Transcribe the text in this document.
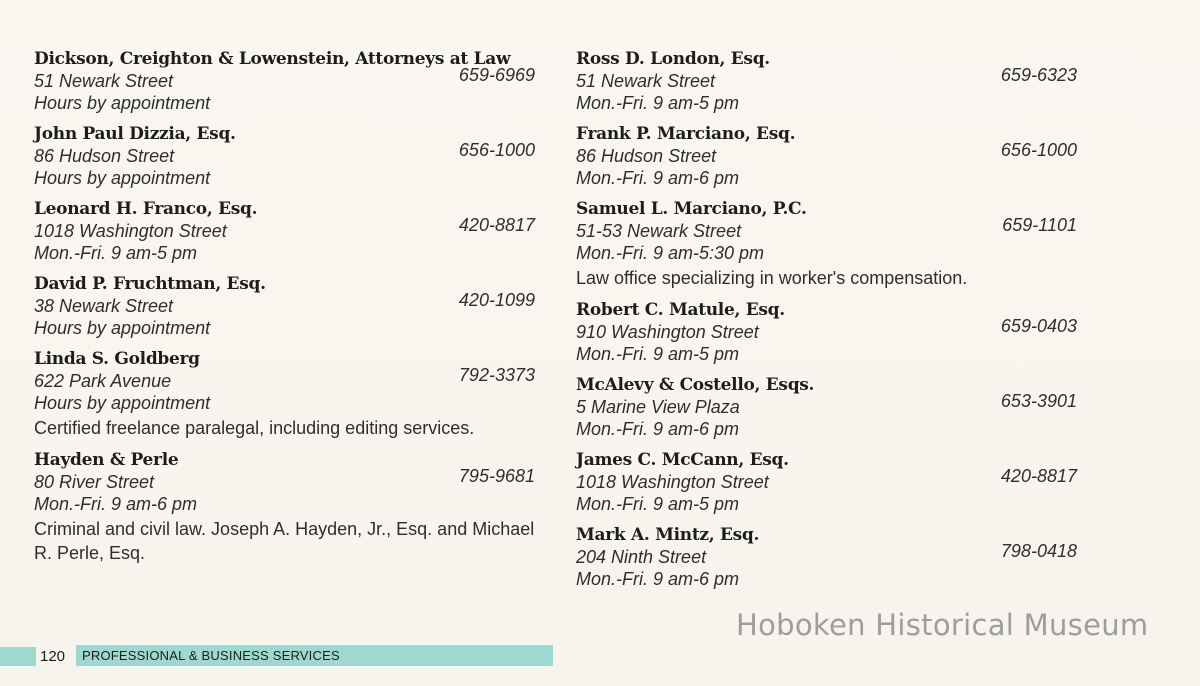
Dickson, Creighton & Lowenstein, Attorneys at Law
51 Newark Street	659-6969
Hours by appointment
John Paul Dizzia, Esq.
86 Hudson Street	656-1000
Hours by appointment
Leonard H. Franco, Esq.
1018 Washington Street	420-8817
Mon.-Fri. 9 am-5 pm
David P. Fruchtman, Esq.
38 Newark Street	420-1099
Hours by appointment
Linda S. Goldberg
622 Park Avenue	792-3373
Hours by appointment
Certified freelance paralegal, including editing services.
Hayden & Perle
80 River Street	795-9681
Mon.-Fri. 9 am-6 pm
Criminal and civil law. Joseph A. Hayden, Jr., Esq. and Michael R. Perle, Esq.
Ross D. London, Esq.
51 Newark Street	659-6323
Mon.-Fri. 9 am-5 pm
Frank P. Marciano, Esq.
86 Hudson Street	656-1000
Mon.-Fri. 9 am-6 pm
Samuel L. Marciano, P.C.
51-53 Newark Street	659-1101
Mon.-Fri. 9 am-5:30 pm
Law office specializing in worker's compensation.
Robert C. Matule, Esq.
910 Washington Street	659-0403
Mon.-Fri. 9 am-5 pm
McAlevy & Costello, Esqs.
5 Marine View Plaza	653-3901
Mon.-Fri. 9 am-6 pm
James C. McCann, Esq.
1018 Washington Street	420-8817
Mon.-Fri. 9 am-5 pm
Mark A. Mintz, Esq.
204 Ninth Street	798-0418
Mon.-Fri. 9 am-6 pm
120 PROFESSIONAL & BUSINESS SERVICES
Hoboken Historical Museum
